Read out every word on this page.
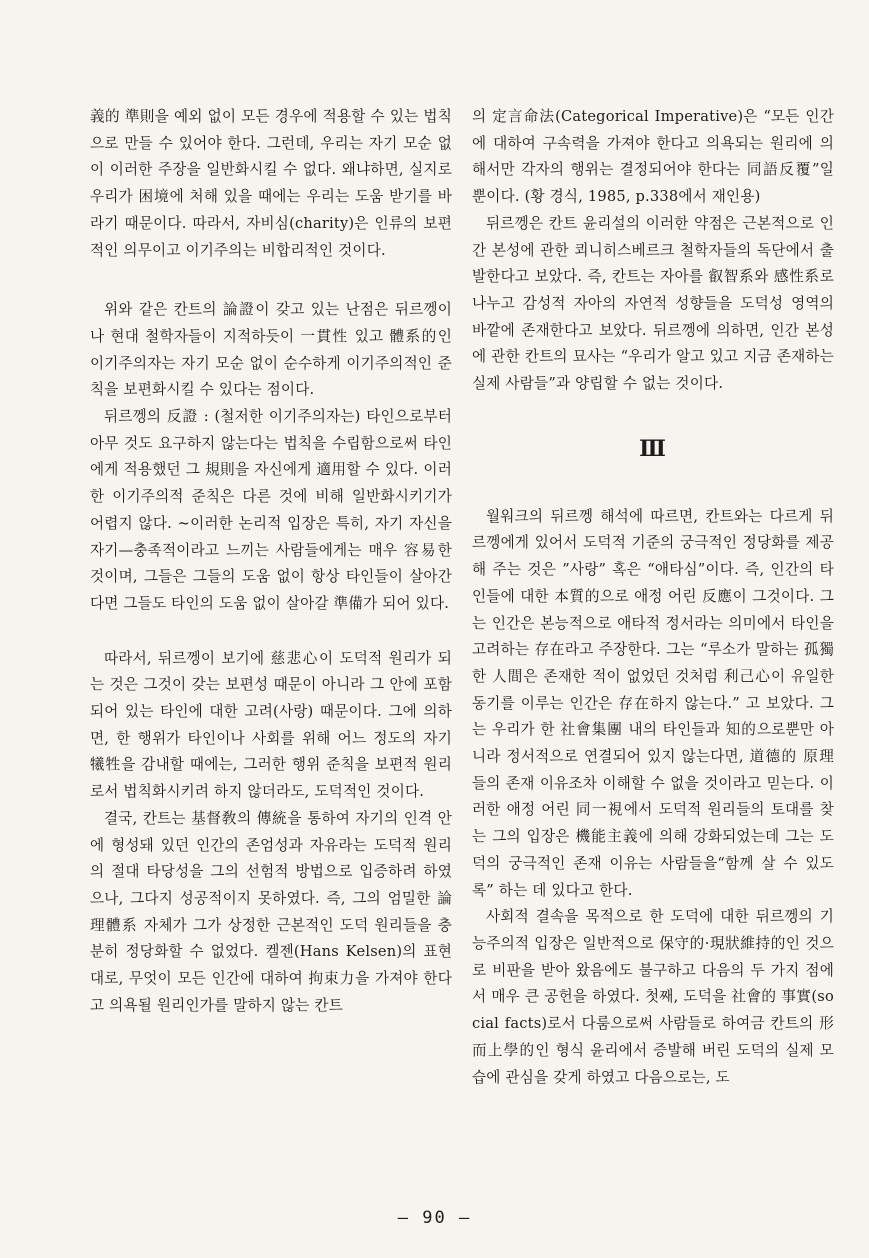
義的 準則을 예외 없이 모든 경우에 적용할 수 있는 법칙으로 만들 수 있어야 한다. 그런데, 우리는 자기 모순 없이 이러한 주장을 일반화시킬 수 없다. 왜냐하면, 실지로 우리가 困境에 처해 있을 때에는 우리는 도움 받기를 바라기 때문이다. 따라서, 자비심(charity)은 인류의 보편적인 의무이고 이기주의는 비합리적인 것이다.

위와 같은 칸트의 論證이 갖고 있는 난점은 뒤르껭이나 현대 철학자들이 지적하듯이 一貫性 있고 體系的인 이기주의자는 자기 모순 없이 순수하게 이기주의적인 준칙을 보편화시킬 수 있다는 점이다.

뒤르껭의 反證 : (철저한 이기주의자는) 타인으로부터 아무 것도 요구하지 않는다는 법칙을 수립함으로써 타인에게 적용했던 그 規則을 자신에게 適用할 수 있다. 이러한 이기주의적 준칙은 다른 것에 비해 일반화시키기가 어렵지 않다. ~이러한 논리적 입장은 특히, 자기 자신을 자기—충족적이라고 느끼는 사람들에게는 매우 容易한 것이며, 그들은 그들의 도움 없이 항상 타인들이 살아간다면 그들도 타인의 도움 없이 살아갈 準備가 되어 있다.

따라서, 뒤르껭이 보기에 慈悲心이 도덕적 원리가 되는 것은 그것이 갖는 보편성 때문이 아니라 그 안에 포함되어 있는 타인에 대한 고려(사랑) 때문이다. 그에 의하면, 한 행위가 타인이나 사회를 위해 어느 정도의 자기 犧牲을 감내할 때에는, 그러한 행위 준칙을 보편적 원리로서 법칙화시키려 하지 않더라도, 도덕적인 것이다.

결국, 칸트는 基督敎의 傳統을 통하여 자기의 인격 안에 형성돼 있던 인간의 존엄성과 자유라는 도덕적 원리의 절대 타당성을 그의 선험적 방법으로 입증하려 하였으나, 그다지 성공적이지 못하였다. 즉, 그의 엄밀한 論理體系 자체가 그가 상정한 근본적인 도덕 원리들을 충분히 정당화할 수 없었다. 켈젠(Hans Kelsen)의 표현대로, 무엇이 모든 인간에 대하여 拘束力을 가져야 한다고 의욕될 원리인가를 말하지 않는 칸트

의 定言命法(Categorical Imperative)은 “모든 인간에 대하여 구속력을 가져야 한다고 의욕되는 원리에 의해서만 각자의 행위는 결정되어야 한다는 同語反覆”일 뿐이다. (황 경식, 1985, p.338에서 재인용)

뒤르껭은 칸트 윤리설의 이러한 약점은 근본적으로 인간 본성에 관한 쾨니히스베르크 철학자들의 독단에서 출발한다고 보았다. 즉, 칸트는 자아를 叡智系와 感性系로 나누고 감성적 자아의 자연적 성향들을 도덕성 영역의 바깥에 존재한다고 보았다. 뒤르껭에 의하면, 인간 본성에 관한 칸트의 묘사는 “우리가 알고 있고 지금 존재하는 실제 사람들”과 양립할 수 없는 것이다.

Ⅲ

월워크의 뒤르껭 해석에 따르면, 칸트와는 다르게 뒤르껭에게 있어서 도덕적 기준의 궁극적인 정당화를 제공해 주는 것은 ”사랑” 혹은 “애타심”이다. 즉, 인간의 타인들에 대한 本質的으로 애정 어린 反應이 그것이다. 그는 인간은 본능적으로 애타적 정서라는 의미에서 타인을 고려하는 存在라고 주장한다. 그는 “루소가 말하는 孤獨한 人間은 존재한 적이 없었던 것처럼 利己心이 유일한 동기를 이루는 인간은 存在하지 않는다.” 고 보았다. 그는 우리가 한 社會集團 내의 타인들과 知的으로뿐만 아니라 정서적으로 연결되어 있지 않는다면, 道德的 原理들의 존재 이유조차 이해할 수 없을 것이라고 믿는다. 이러한 애정 어린 同一視에서 도덕적 원리들의 토대를 찾는 그의 입장은 機能主義에 의해 강화되었는데 그는 도덕의 궁극적인 존재 이유는 사람들을“함께 살 수 있도록” 하는 데 있다고 한다.

사회적 결속을 목적으로 한 도덕에 대한 뒤르껭의 기능주의적 입장은 일반적으로 保守的·現狀維持的인 것으로 비판을 받아 왔음에도 불구하고 다음의 두 가지 점에서 매우 큰 공헌을 하였다. 첫째, 도덕을 社會的 事實(social facts)로서 다룸으로써 사람들로 하여금 칸트의 形而上學的인 형식 윤리에서 증발해 버린 도덕의 실제 모습에 관심을 갖게 하였고 다음으로는, 도

— 90 —
